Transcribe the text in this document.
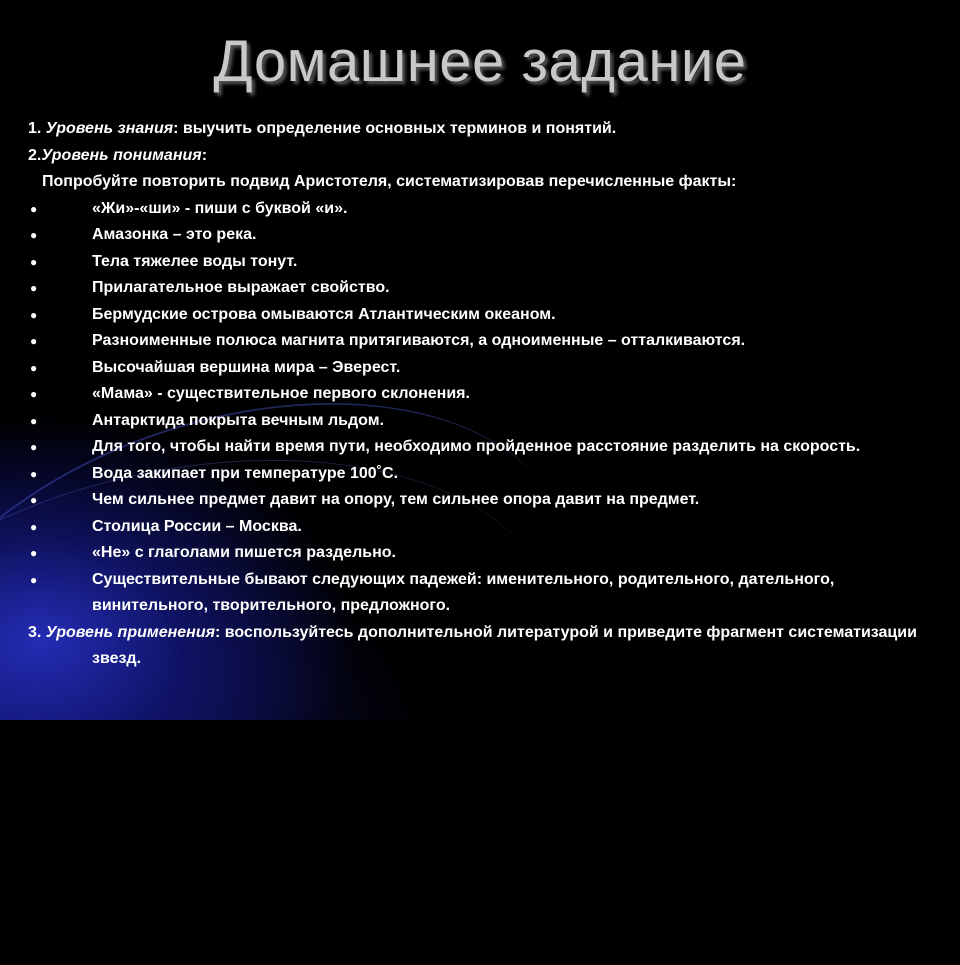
Домашнее задание
1. Уровень знания: выучить определение основных терминов и понятий.
2.Уровень понимания:
Попробуйте повторить подвид Аристотеля, систематизировав перечисленные факты:
●	«Жи»-«ши» - пиши с буквой «и».
●	Амазонка – это река.
●	Тела тяжелее воды тонут.
●	Прилагательное выражает свойство.
●	Бермудские острова омываются Атлантическим океаном.
●	Разноименные полюса магнита притягиваются, а одноименные – отталкиваются.
●	Высочайшая вершина мира – Эверест.
●	«Мама» - существительное первого склонения.
●	Антарктида покрыта вечным льдом.
●	Для того, чтобы найти время пути, необходимо пройденное расстояние разделить на скорость.
●	Вода закипает при температуре 100˚С.
●	Чем сильнее предмет давит на опору, тем сильнее опора давит на предмет.
●	Столица России – Москва.
●	«Не» с глаголами пишется раздельно.
●	Существительные бывают следующих падежей: именительного, родительного, дательного, винительного, творительного, предложного.
3. Уровень применения: воспользуйтесь дополнительной литературой и приведите фрагмент систематизации звезд.
